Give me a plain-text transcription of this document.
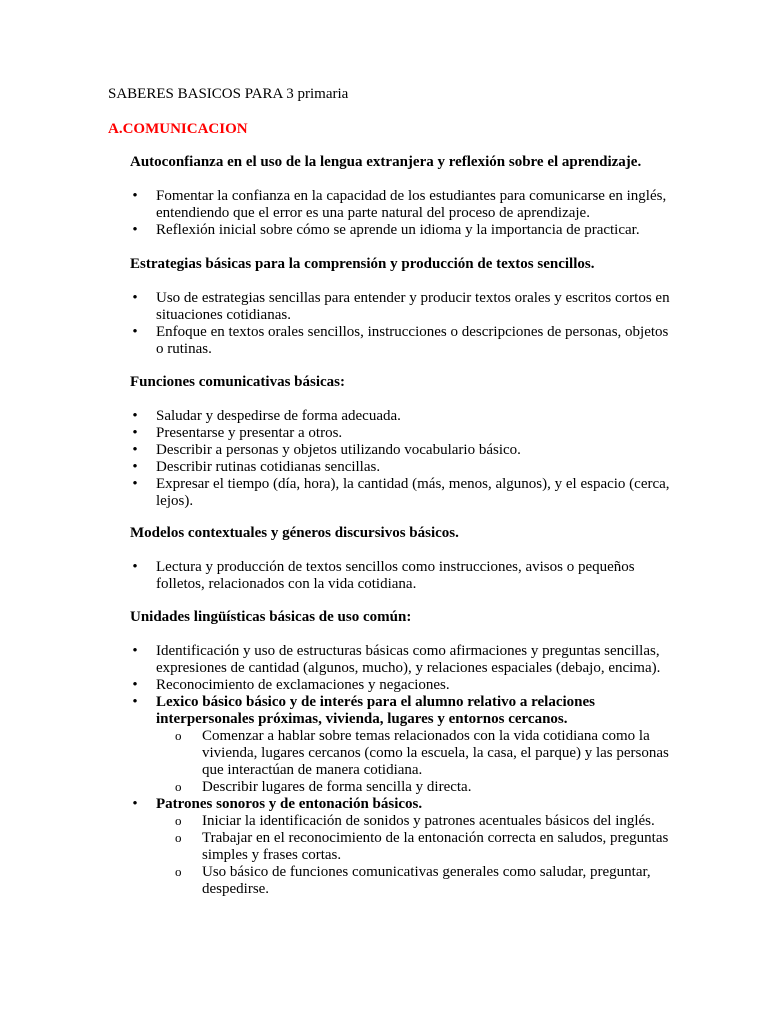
SABERES BASICOS PARA 3 primaria
A.COMUNICACION
Autoconfianza en el uso de la lengua extranjera y reflexión sobre el aprendizaje.
• Fomentar la confianza en la capacidad de los estudiantes para comunicarse en inglés, entendiendo que el error es una parte natural del proceso de aprendizaje.
• Reflexión inicial sobre cómo se aprende un idioma y la importancia de practicar.
Estrategias básicas para la comprensión y producción de textos sencillos.
• Uso de estrategias sencillas para entender y producir textos orales y escritos cortos en situaciones cotidianas.
• Enfoque en textos orales sencillos, instrucciones o descripciones de personas, objetos o rutinas.
Funciones comunicativas básicas:
• Saludar y despedirse de forma adecuada.
• Presentarse y presentar a otros.
• Describir a personas y objetos utilizando vocabulario básico.
• Describir rutinas cotidianas sencillas.
• Expresar el tiempo (día, hora), la cantidad (más, menos, algunos), y el espacio (cerca, lejos).
Modelos contextuales y géneros discursivos básicos.
• Lectura y producción de textos sencillos como instrucciones, avisos o pequeños folletos, relacionados con la vida cotidiana.
Unidades lingüísticas básicas de uso común:
• Identificación y uso de estructuras básicas como afirmaciones y preguntas sencillas, expresiones de cantidad (algunos, mucho), y relaciones espaciales (debajo, encima).
• Reconocimiento de exclamaciones y negaciones.
• Lexico básico básico y de interés para el alumno relativo a relaciones interpersonales próximas, vivienda, lugares y entornos cercanos.
o Comenzar a hablar sobre temas relacionados con la vida cotidiana como la vivienda, lugares cercanos (como la escuela, la casa, el parque) y las personas que interactúan de manera cotidiana.
o Describir lugares de forma sencilla y directa.
• Patrones sonoros y de entonación básicos.
o Iniciar la identificación de sonidos y patrones acentuales básicos del inglés.
o Trabajar en el reconocimiento de la entonación correcta en saludos, preguntas simples y frases cortas.
o Uso básico de funciones comunicativas generales como saludar, preguntar, despedirse.
